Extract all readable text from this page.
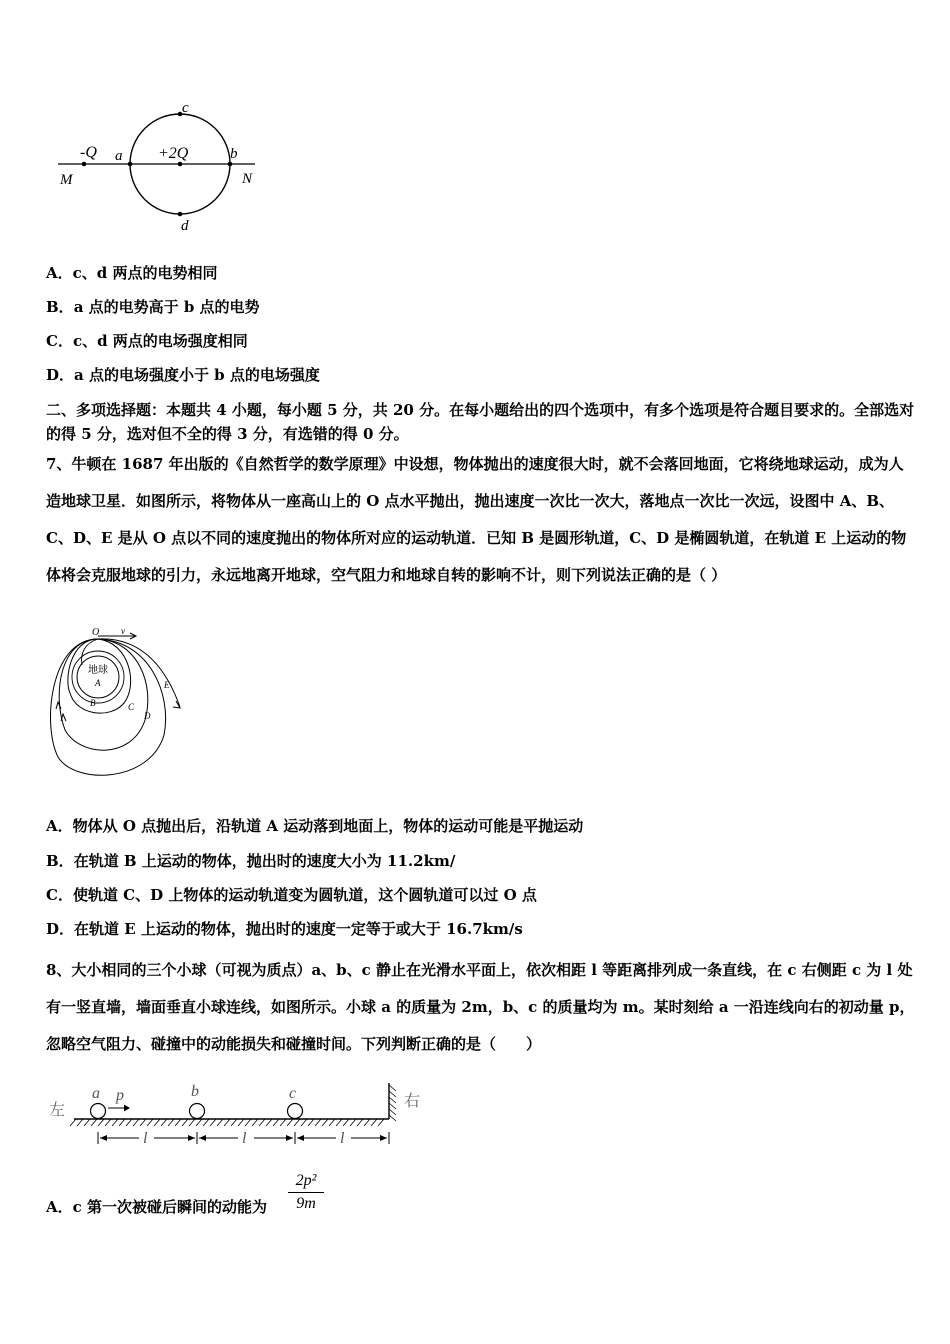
c
-Q a +2Q	b
M	N
d
A．c、d 两点的电势相同
B．a 点的电势高于 b 点的电势
C．c、d 两点的电场强度相同
D．a 点的电场强度小于 b 点的电场强度
二、多项选择题：本题共 4 小题，每小题 5 分，共 20 分。在每小题给出的四个选项中，有多个选项是符合题目要求的。全部选对的得 5 分，选对但不全的得 3 分，有选错的得 0 分。
7、牛顿在 1687 年出版的《自然哲学的数学原理》中设想，物体抛出的速度很大时，就不会落回地面，它将绕地球运动，成为人造地球卫星．如图所示，将物体从一座高山上的 O 点水平抛出，抛出速度一次比一次大，落地点一次比一次远，设图中 A、B、C、D、E 是从 O 点以不同的速度抛出的物体所对应的运动轨道．已知 B 是圆形轨道，C、D 是椭圆轨道，在轨道 E 上运动的物体将会克服地球的引力，永远地离开地球，空气阻力和地球自转的影响不计，则下列说法正确的是（ ）
O v
地球
A
B	C
D
E
A．物体从 O 点抛出后，沿轨道 A 运动落到地面上，物体的运动可能是平抛运动
B．在轨道 B 上运动的物体，抛出时的速度大小为 11.2km/
C．使轨道 C、D 上物体的运动轨道变为圆轨道，这个圆轨道可以过 O 点
D．在轨道 E 上运动的物体，抛出时的速度一定等于或大于 16.7km/s
8、大小相同的三个小球（可视为质点）a、b、c 静止在光滑水平面上，依次相距 l 等距离排列成一条直线，在 c 右侧距 c 为 l 处有一竖直墙，墙面垂直小球连线，如图所示。小球 a 的质量为 2m，b、c 的质量均为 m。某时刻给 a 一沿连线向右的初动量 p，忽略空气阻力、碰撞中的动能损失和碰撞时间。下列判断正确的是（　　）
左
右
a p	b	c
l	l	l
A．c 第一次被碰后瞬间的动能为 $\frac{\text{2p²}}{9m}$
